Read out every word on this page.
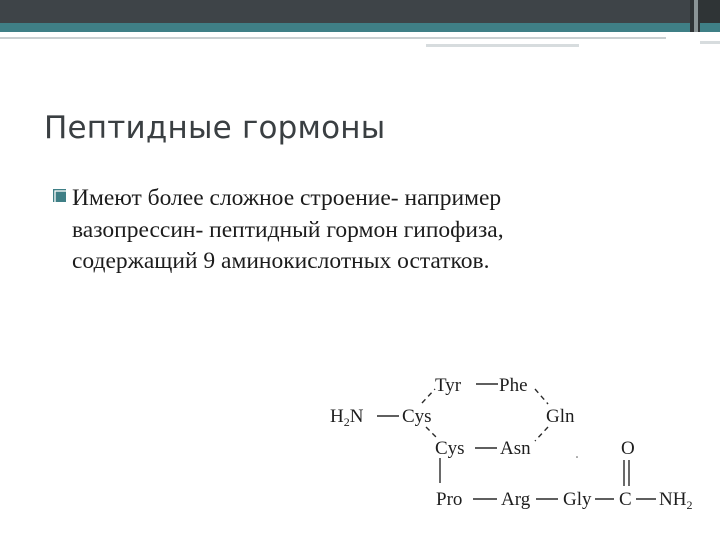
Пептидные гормоны

Имеют более сложное строение- например
вазопрессин- пептидный гормон гипофиза,
содержащий 9 аминокислотных остатков.

$H_2N$ Cys
Tyr Phe
Gln
Cys Asn
Pro Arg Gly C $NH_2$
O
